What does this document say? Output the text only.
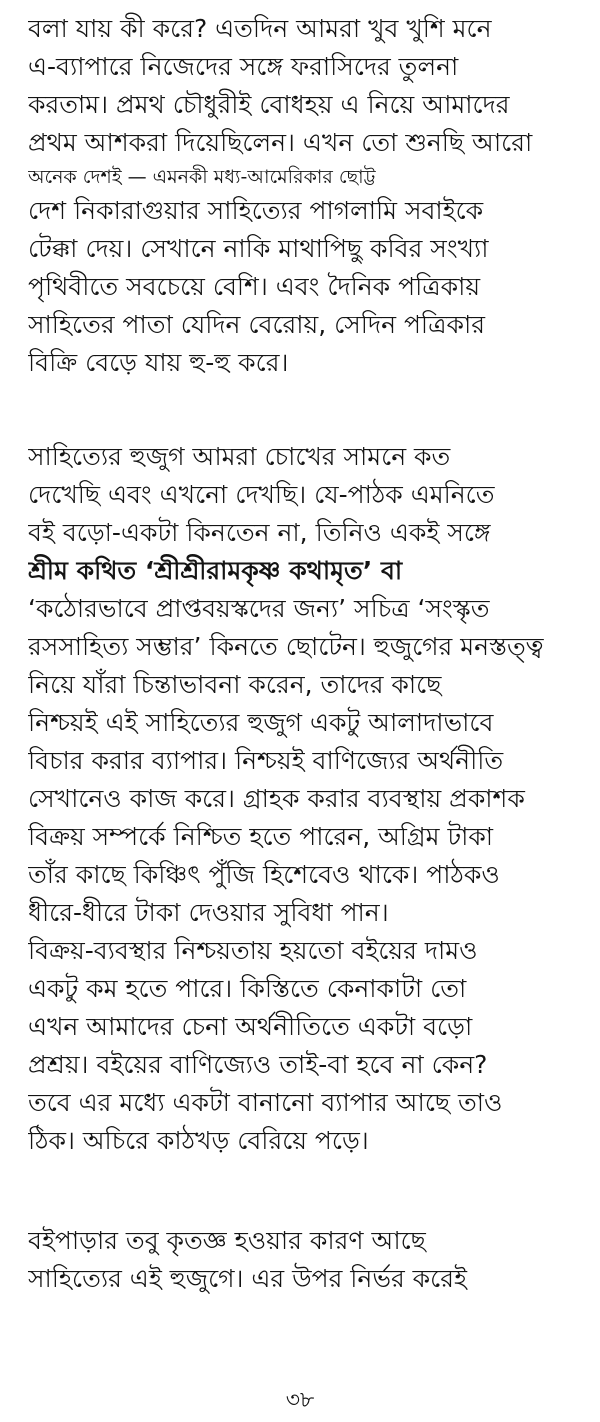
বলা যায় কী করে? এতদিন আমরা খুব খুশি মনে
এ-ব্যাপারে নিজেদের সঙ্গে ফরাসিদের তুলনা
করতাম। প্রমথ চৌধুরীই বোধহয় এ নিয়ে আমাদের
প্রথম আশকরা দিয়েছিলেন। এখন তো শুনছি আরো
অনেক দেশই — এমনকী মধ্য-আমেরিকার ছোট্ট
দেশ নিকারাগুয়ার সাহিত্যের পাগলামি সবাইকে
টেক্কা দেয়। সেখানে নাকি মাথাপিছু কবির সংখ্যা
পৃথিবীতে সবচেয়ে বেশি। এবং দৈনিক পত্রিকায়
সাহিতের পাতা যেদিন বেরোয়, সেদিন পত্রিকার
বিক্রি বেড়ে যায় হু-হু করে।
সাহিত্যের হুজুগ আমরা চোখের সামনে কত
দেখেছি এবং এখনো দেখছি। যে-পাঠক এমনিতে
বই বড়ো-একটা কিনতেন না, তিনিও একই সঙ্গে
শ্রীম কথিত ‘শ্রীশ্রীরামকৃষ্ণ কথামৃত’ বা
‘কঠোরভাবে প্রাপ্তবয়স্কদের জন্য’ সচিত্র ‘সংস্কৃত
রসসাহিত্য সম্ভার’ কিনতে ছোটেন। হুজুগের মনস্তত্ত্ব
নিয়ে যাঁরা চিন্তাভাবনা করেন, তাদের কাছে
নিশ্চয়ই এই সাহিত্যের হুজুগ একটু আলাদাভাবে
বিচার করার ব্যাপার। নিশ্চয়ই বাণিজ্যের অর্থনীতি
সেখানেও কাজ করে। গ্রাহক করার ব্যবস্থায় প্রকাশক
বিক্রয় সম্পর্কে নিশ্চিত হতে পারেন, অগ্রিম টাকা
তাঁর কাছে কিঞ্চিৎ পুঁজি হিশেবেও থাকে। পাঠকও
ধীরে-ধীরে টাকা দেওয়ার সুবিধা পান।
বিক্রয়-ব্যবস্থার নিশ্চয়তায় হয়তো বইয়ের দামও
একটু কম হতে পারে। কিস্তিতে কেনাকাটা তো
এখন আমাদের চেনা অর্থনীতিতে একটা বড়ো
প্রশ্রয়। বইয়ের বাণিজ্যেও তাই-বা হবে না কেন?
তবে এর মধ্যে একটা বানানো ব্যাপার আছে তাও
ঠিক। অচিরে কাঠখড় বেরিয়ে পড়ে।
বইপাড়ার তবু কৃতজ্ঞ হওয়ার কারণ আছে
সাহিত্যের এই হুজুগে। এর উপর নির্ভর করেই
৩৮
